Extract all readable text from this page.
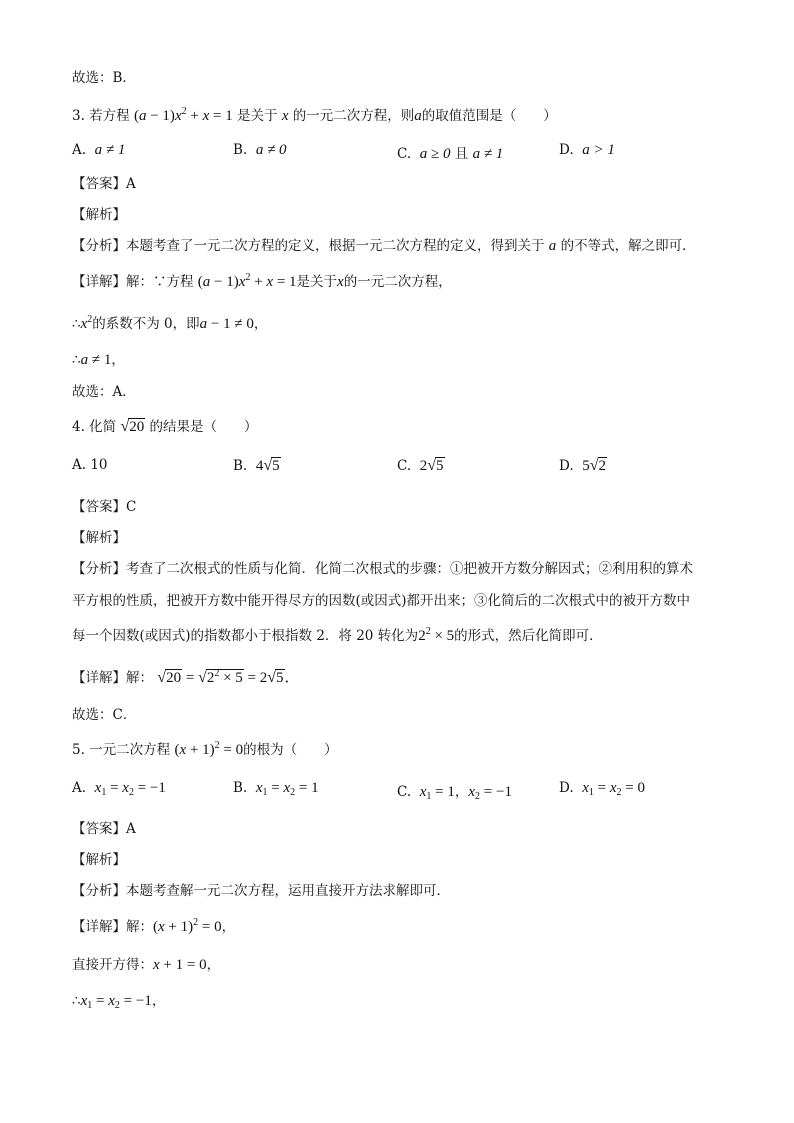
故选：B．
3. 若方程 $(a - 1)x^2 + x = 1$ 是关于 x 的一元二次方程，则a的取值范围是（　　）
A. a ≠ 1	B. a ≠ 0	C. a ≥ 0 且 a ≠ 1	D. a > 1
【答案】A
【解析】
【分析】本题考查了一元二次方程的定义，根据一元二次方程的定义，得到关于 a 的不等式，解之即可．
【详解】解：∵方程 $(a - 1)x^2 + x = 1$是关于x的一元二次方程，
$\therefore x^2$的系数不为 0，即a − 1 ≠ 0，
∴a ≠ 1，
故选：A．
4. 化简 √20 的结果是（　　）
A. 10	B. 4√5	C. 2√5	D. 5√2
【答案】C
【解析】
【分析】考查了二次根式的性质与化简．化简二次根式的步骤：①把被开方数分解因式；②利用积的算术
平方根的性质，把被开方数中能开得尽方的因数(或因式)都开出来；③化简后的二次根式中的被开方数中
每一个因数(或因式)的指数都小于根指数 2．将 20 转化为$2^2 \times 5$的形式，然后化简即可．
【详解】解： $√20 = √2^2 \times 5 = 2√5$．
故选：C．
5. 一元二次方程 $(x + 1)^2 = 0$的根为（　　）
A. $x_1 = x_2 = -1$	B. $x_1 = x_2 = 1$	C. $x_1 = 1$，$x_2 = -1$	D. $x_1 = x_2 = 0$
【答案】A
【解析】
【分析】本题考查解一元二次方程，运用直接开方法求解即可．
【详解】解：$(x + 1)^2 = 0$，
直接开方得：x + 1 = 0，
$\therefore x_1 = x_2 = -1$，
